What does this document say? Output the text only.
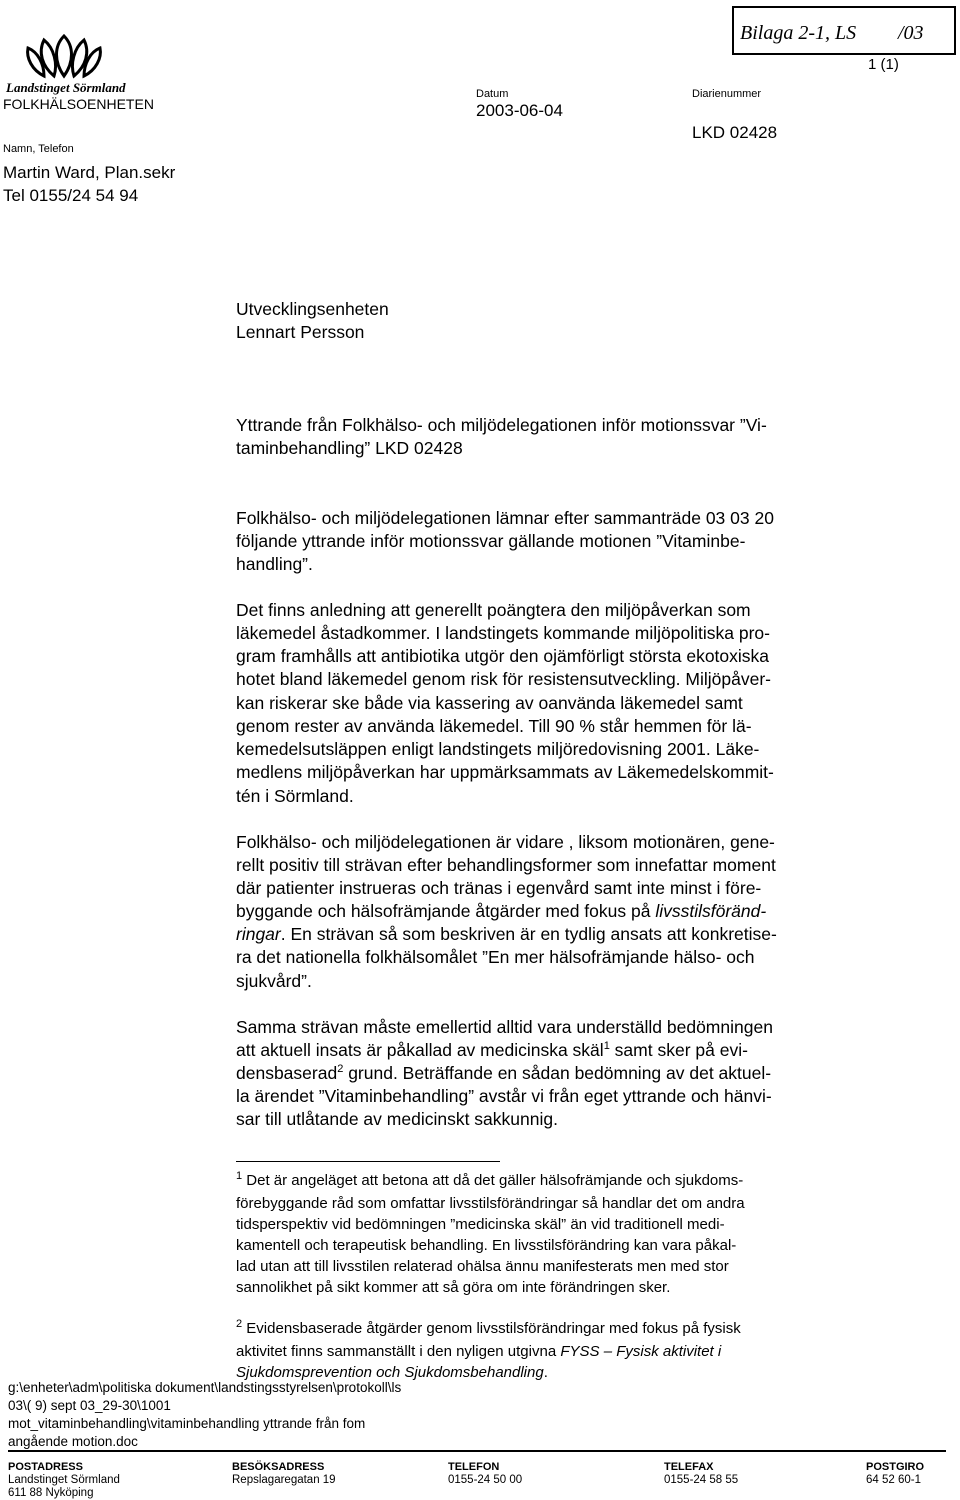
Landstinget Sörmland
FOLKHÄLSOENHETEN
Namn, Telefon
Martin Ward, Plan.sekr
Tel 0155/24 54 94
Datum
2003-06-04
Diarienummer
LKD 02428
Bilaga 2-1, LS /03
1 (1)
Utvecklingsenheten
Lennart Persson
Yttrande från Folkhälso- och miljödelegationen inför motionssvar ”Vi-
taminbehandling” LKD 02428
Folkhälso- och miljödelegationen lämnar efter sammanträde 03 03 20
följande yttrande inför motionssvar gällande motionen ”Vitaminbe-
handling”.
Det finns anledning att generellt poängtera den miljöpåverkan som
läkemedel åstadkommer. I landstingets kommande miljöpolitiska pro-
gram framhålls att antibiotika utgör den ojämförligt största ekotoxiska
hotet bland läkemedel genom risk för resistensutveckling. Miljöpåver-
kan riskerar ske både via kassering av oanvända läkemedel samt
genom rester av använda läkemedel. Till 90 % står hemmen för lä-
kemedelsutsläppen enligt landstingets miljöredovisning 2001. Läke-
medlens miljöpåverkan har uppmärksammats av Läkemedelskommit-
tén i Sörmland.
Folkhälso- och miljödelegationen är vidare , liksom motionären, gene-
rellt positiv till strävan efter behandlingsformer som innefattar moment
där patienter instrueras och tränas i egenvård samt inte minst i före-
byggande och hälsofrämjande åtgärder med fokus på livsstilsföränd-
ringar. En strävan så som beskriven är en tydlig ansats att konkretise-
ra det nationella folkhälsomålet ”En mer hälsofrämjande hälso- och
sjukvård”.
Samma strävan måste emellertid alltid vara underställd bedömningen
att aktuell insats är påkallad av medicinska skäl$^1$ samt sker på evi-
densbaserad$^2$ grund. Beträffande en sådan bedömning av det aktuel-
la ärendet ”Vitaminbehandling” avstår vi från eget yttrande och hänvi-
sar till utlåtande av medicinskt sakkunnig.
$^1$ Det är angeläget att betona att då det gäller hälsofrämjande och sjukdoms-
förebyggande råd som omfattar livsstilsförändringar så handlar det om andra
tidsperspektiv vid bedömningen ”medicinska skäl” än vid traditionell medi-
kamentell och terapeutisk behandling. En livsstilsförändring kan vara påkal-
lad utan att till livsstilen relaterad ohälsa ännu manifesterats men med stor
sannolikhet på sikt kommer att så göra om inte förändringen sker.
$^2$ Evidensbaserade åtgärder genom livsstilsförändringar med fokus på fysisk
aktivitet finns sammanställt i den nyligen utgivna FYSS – Fysisk aktivitet i
Sjukdomsprevention och Sjukdomsbehandling.
g:\enheter\adm\politiska dokument\landstingsstyrelsen\protokoll\ls
03\( 9) sept 03_29-30\1001
mot_vitaminbehandling\vitaminbehandling yttrande från fom
angående motion.doc
POSTADRESS
Landstinget Sörmland
611 88 Nyköping
BESÖKSADRESS
Repslagaregatan 19
TELEFON
0155-24 50 00
TELEFAX
0155-24 58 55
POSTGIRO
64 52 60-1
